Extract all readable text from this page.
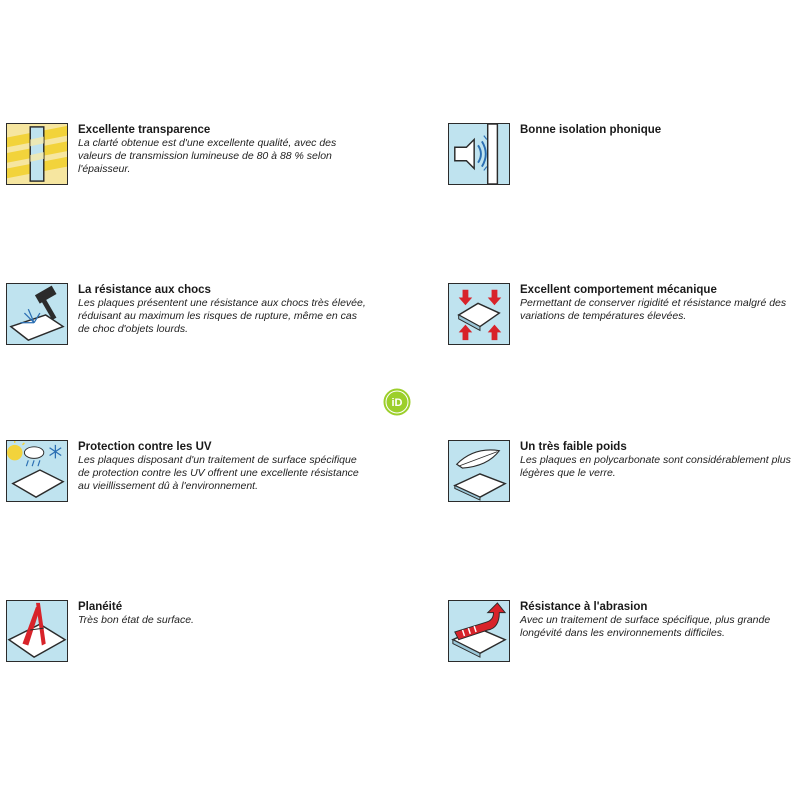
Excellente transparence

La clarté obtenue est d'une excellente qualité, avec des valeurs de transmission lumineuse de 80 à 88 % selon l'épaisseur.

Bonne isolation phonique

La résistance aux chocs

Les plaques présentent une résistance aux chocs très élevée, réduisant au maximum les risques de rupture, même en cas de choc d'objets lourds.

Excellent comportement mécanique

Permettant de conserver rigidité et résistance malgré des variations de températures élevées.

Protection contre les UV

Les plaques disposant d'un traitement de surface spécifique de protection contre les UV offrent une excellente résistance au vieillissement dû à l'environnement.

Un très faible poids

Les plaques en polycarbonate sont considérablement plus légères que le verre.

Planéité

Très bon état de surface.

Résistance à l'abrasion

Avec un traitement de surface spécifique, plus grande longévité dans les environnements difficiles.

iD
